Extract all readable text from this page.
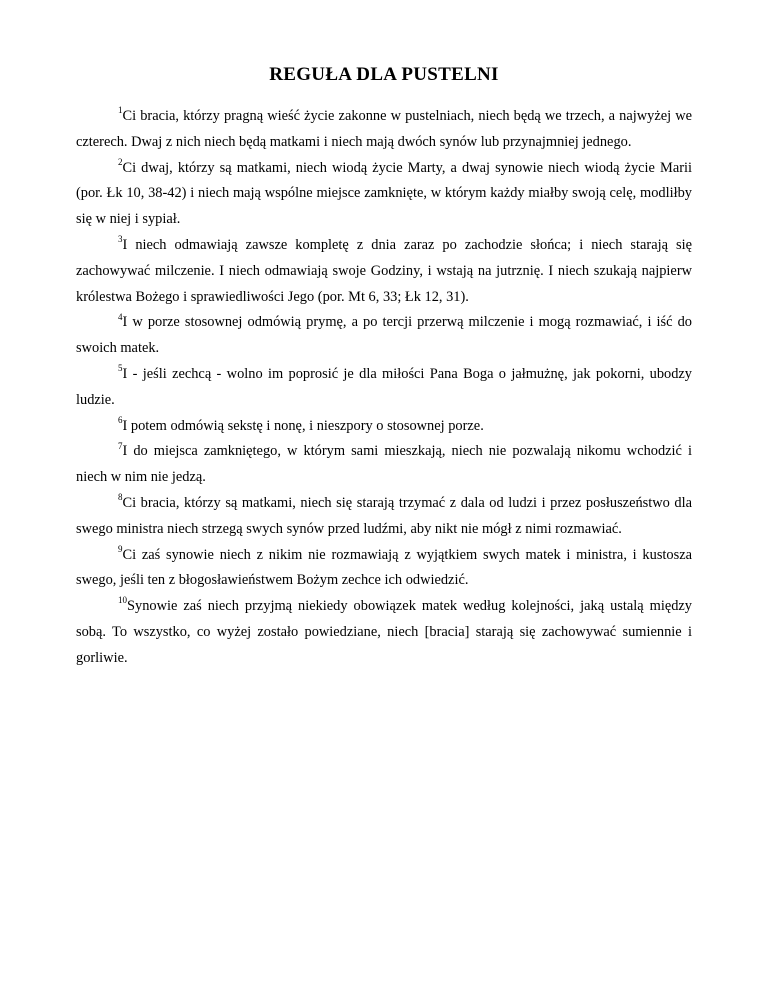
REGUŁA DLA PUSTELNI

$^1$Ci bracia, którzy pragną wieść życie zakonne w pustelniach, niech będą we trzech, a najwyżej we czterech. Dwaj z nich niech będą matkami i niech mają dwóch synów lub przynajmniej jednego.

$^2$Ci dwaj, którzy są matkami, niech wiodą życie Marty, a dwaj synowie niech wiodą życie Marii (por. Łk 10, 38-42) i niech mają wspólne miejsce zamknięte, w którym każdy miałby swoją celę, modliłby się w niej i sypiał.

$^3$I niech odmawiają zawsze kompletę z dnia zaraz po zachodzie słońca; i niech starają się zachowywać milczenie. I niech odmawiają swoje Godziny, i wstają na jutrznię. I niech szukają najpierw królestwa Bożego i sprawiedliwości Jego (por. Mt 6, 33; Łk 12, 31).

$^4$I w porze stosownej odmówią prymę, a po tercji przerwą milczenie i mogą rozmawiać, i iść do swoich matek.

$^5$I - jeśli zechcą - wolno im poprosić je dla miłości Pana Boga o jałmużnę, jak pokorni, ubodzy ludzie.

$^6$I potem odmówią sekstę i nonę, i nieszpory o stosownej porze.

$^7$I do miejsca zamkniętego, w którym sami mieszkają, niech nie pozwalają nikomu wchodzić i niech w nim nie jedzą.

$^8$Ci bracia, którzy są matkami, niech się starają trzymać z dala od ludzi i przez posłuszeństwo dla swego ministra niech strzegą swych synów przed ludźmi, aby nikt nie mógł z nimi rozmawiać.

$^9$Ci zaś synowie niech z nikim nie rozmawiają z wyjątkiem swych matek i ministra, i kustosza swego, jeśli ten z błogosławieństwem Bożym zechce ich odwiedzić.

$^{10}$Synowie zaś niech przyjmą niekiedy obowiązek matek według kolejności, jaką ustalą między sobą. To wszystko, co wyżej zostało powiedziane, niech [bracia] starają się zachowywać sumiennie i gorliwie.
